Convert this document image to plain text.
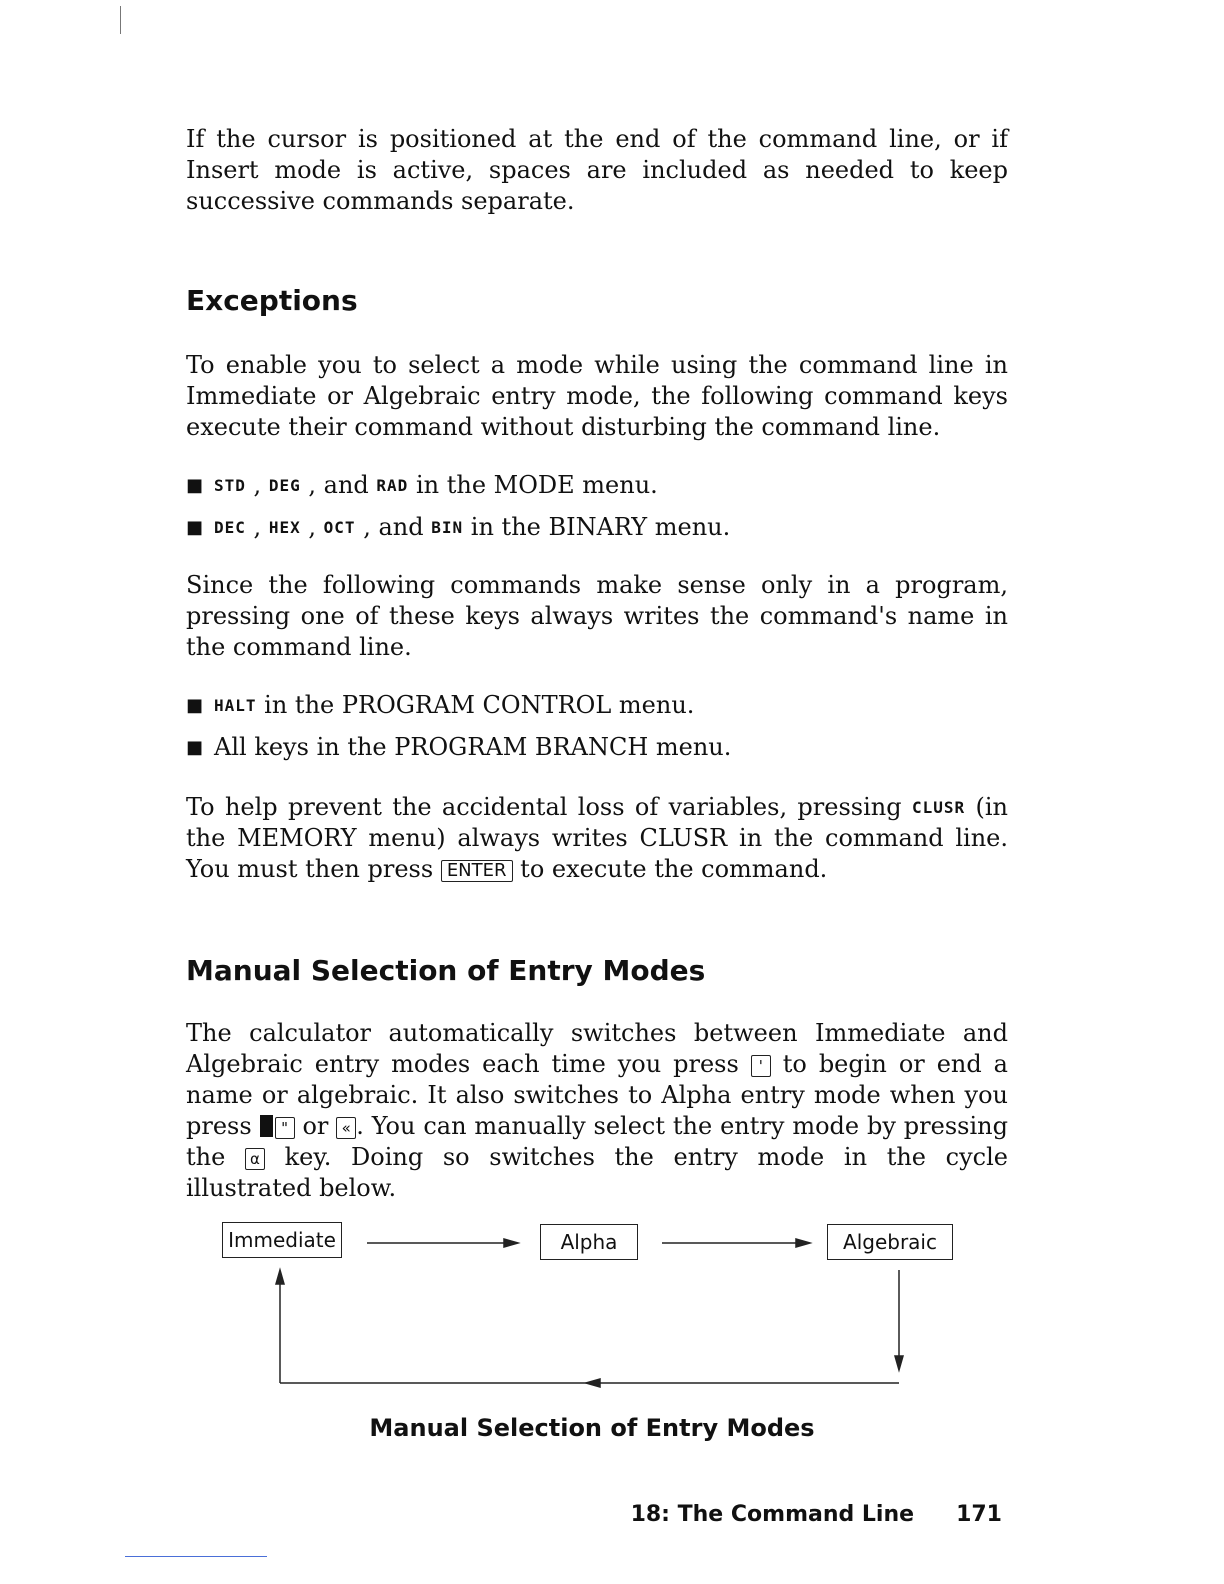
If the cursor is positioned at the end of the command line, or if Insert mode is active, spaces are included as needed to keep successive commands separate.

Exceptions

To enable you to select a mode while using the command line in Immediate or Algebraic entry mode, the following command keys execute their command without disturbing the command line.

■ STD , DEG , and RAD in the MODE menu.
■ DEC , HEX , OCT , and BIN in the BINARY menu.

Since the following commands make sense only in a program, pressing one of these keys always writes the command's name in the command line.

■ HALT in the PROGRAM CONTROL menu.
■ All keys in the PROGRAM BRANCH menu.

To help prevent the accidental loss of variables, pressing CLUSR (in the MEMORY menu) always writes CLUSR in the command line. You must then press ENTER to execute the command.

Manual Selection of Entry Modes

The calculator automatically switches between Immediate and Algebraic entry modes each time you press ' to begin or end a name or algebraic. It also switches to Alpha entry mode when you press " or « . You can manually select the entry mode by pressing the α key. Doing so switches the entry mode in the cycle illustrated below.

Immediate	Alpha	Algebraic

Manual Selection of Entry Modes

18: The Command Line 171
